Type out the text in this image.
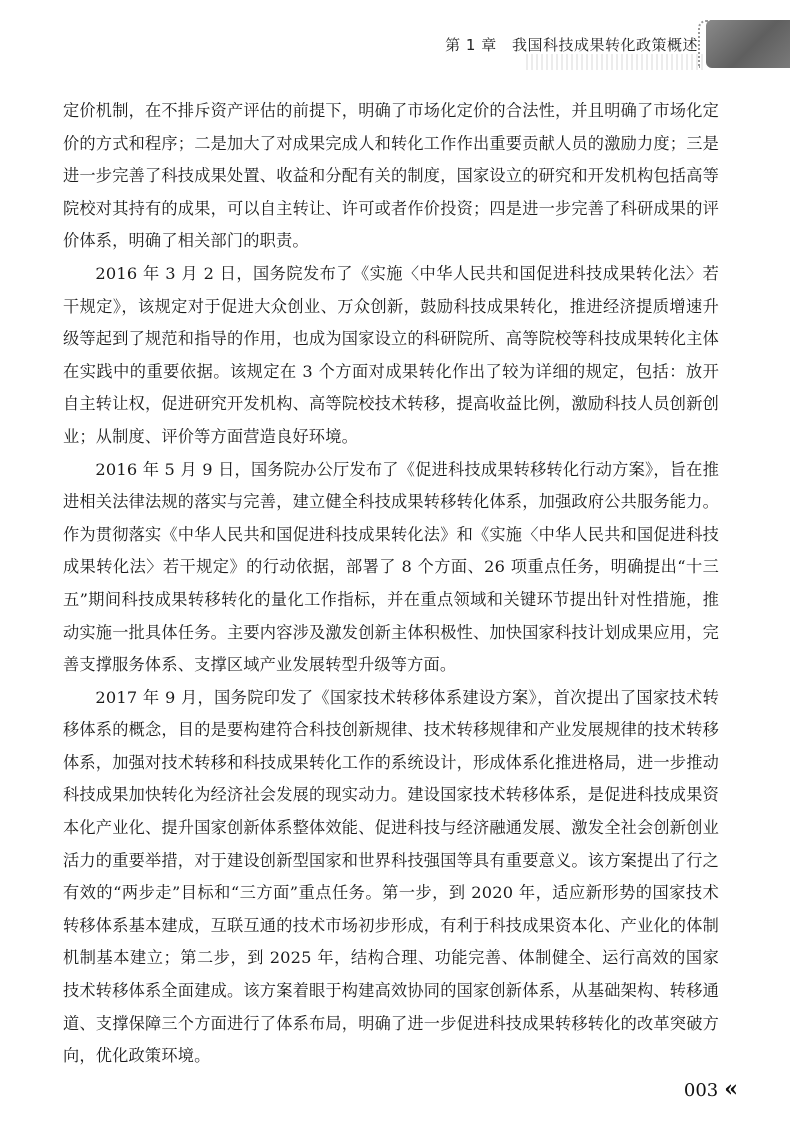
第 1 章 我国科技成果转化政策概述

定价机制，在不排斥资产评估的前提下，明确了市场化定价的合法性，并且明确了市场化定价的方式和程序；二是加大了对成果完成人和转化工作作出重要贡献人员的激励力度；三是进一步完善了科技成果处置、收益和分配有关的制度，国家设立的研究和开发机构包括高等院校对其持有的成果，可以自主转让、许可或者作价投资；四是进一步完善了科研成果的评价体系，明确了相关部门的职责。

2016 年 3 月 2 日，国务院发布了《实施〈中华人民共和国促进科技成果转化法〉若干规定》，该规定对于促进大众创业、万众创新，鼓励科技成果转化，推进经济提质增速升级等起到了规范和指导的作用，也成为国家设立的科研院所、高等院校等科技成果转化主体在实践中的重要依据。该规定在 3 个方面对成果转化作出了较为详细的规定，包括：放开自主转让权，促进研究开发机构、高等院校技术转移，提高收益比例，激励科技人员创新创业；从制度、评价等方面营造良好环境。

2016 年 5 月 9 日，国务院办公厅发布了《促进科技成果转移转化行动方案》，旨在推进相关法律法规的落实与完善，建立健全科技成果转移转化体系，加强政府公共服务能力。作为贯彻落实《中华人民共和国促进科技成果转化法》和《实施〈中华人民共和国促进科技成果转化法〉若干规定》的行动依据，部署了 8 个方面、26 项重点任务，明确提出“十三五”期间科技成果转移转化的量化工作指标，并在重点领域和关键环节提出针对性措施，推动实施一批具体任务。主要内容涉及激发创新主体积极性、加快国家科技计划成果应用，完善支撑服务体系、支撑区域产业发展转型升级等方面。

2017 年 9 月，国务院印发了《国家技术转移体系建设方案》，首次提出了国家技术转移体系的概念，目的是要构建符合科技创新规律、技术转移规律和产业发展规律的技术转移体系，加强对技术转移和科技成果转化工作的系统设计，形成体系化推进格局，进一步推动科技成果加快转化为经济社会发展的现实动力。建设国家技术转移体系，是促进科技成果资本化产业化、提升国家创新体系整体效能、促进科技与经济融通发展、激发全社会创新创业活力的重要举措，对于建设创新型国家和世界科技强国等具有重要意义。该方案提出了行之有效的“两步走”目标和“三方面”重点任务。第一步，到 2020 年，适应新形势的国家技术转移体系基本建成，互联互通的技术市场初步形成，有利于科技成果资本化、产业化的体制机制基本建立；第二步，到 2025 年，结构合理、功能完善、体制健全、运行高效的国家技术转移体系全面建成。该方案着眼于构建高效协同的国家创新体系，从基础架构、转移通道、支撑保障三个方面进行了体系布局，明确了进一步促进科技成果转移转化的改革突破方向，优化政策环境。

003 «
